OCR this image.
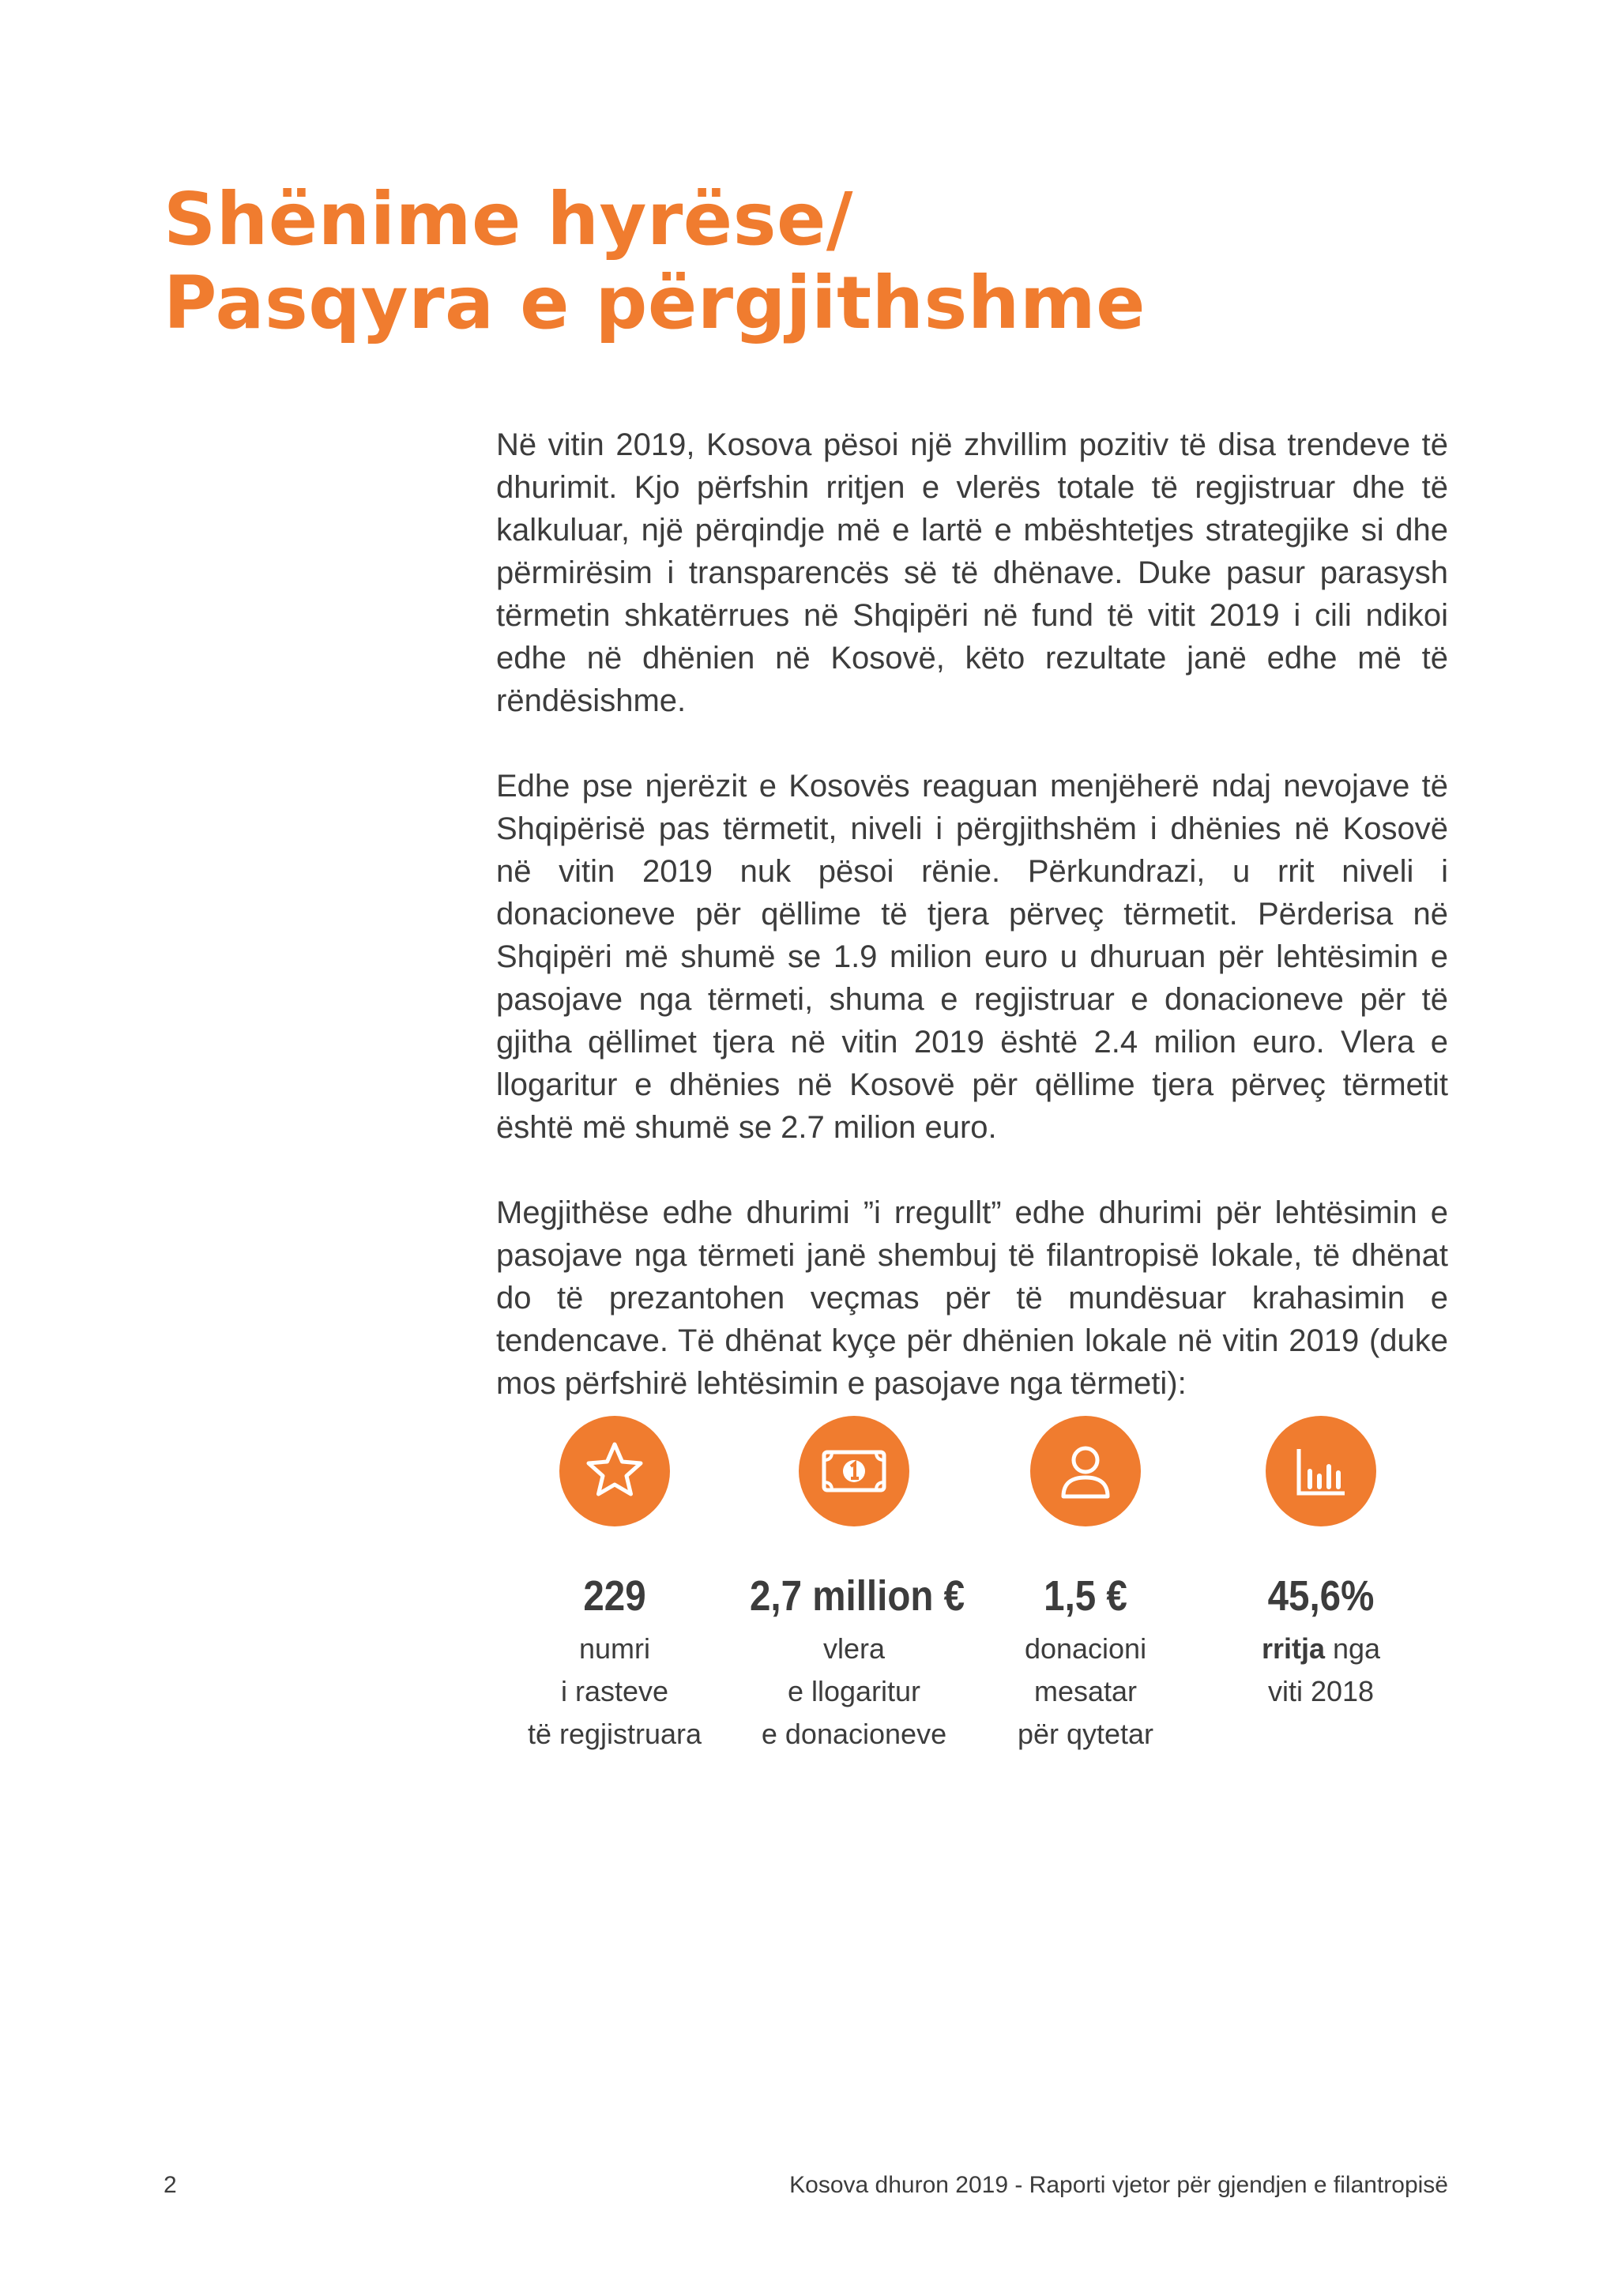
Shënime hyrëse/
Pasqyra e përgjithshme

Në vitin 2019, Kosova pësoi një zhvillim pozitiv të disa trendeve të dhurimit. Kjo përfshin rritjen e vlerës totale të regjistruar dhe të kalkuluar, një përqindje më e lartë e mbështetjes strategjike si dhe përmirësim i transparencës së të dhënave. Duke pasur parasysh tërmetin shkatërrues në Shqipëri në fund të vitit 2019 i cili ndikoi edhe në dhënien në Kosovë, këto rezultate janë edhe më të rëndësishme.

Edhe pse njerëzit e Kosovës reaguan menjëherë ndaj nevojave të Shqipërisë pas tërmetit, niveli i përgjithshëm i dhënies në Kosovë në vitin 2019 nuk pësoi rënie. Përkundrazi, u rrit niveli i donacioneve për qëllime të tjera përveç tërmetit. Përderisa në Shqipëri më shumë se 1.9 milion euro u dhuruan për lehtësimin e pasojave nga tërmeti, shuma e regjistruar e donacioneve për të gjitha qëllimet tjera në vitin 2019 është 2.4 milion euro. Vlera e llogaritur e dhënies në Kosovë për qëllime tjera përveç tërmetit është më shumë se 2.7 milion euro.

Megjithëse edhe dhurimi ”i rregullt” edhe dhurimi për lehtësimin e pasojave nga tërmeti janë shembuj të filantropisë lokale, të dhënat do të prezantohen veçmas për të mundësuar krahasimin e tendencave. Të dhënat kyçe për dhënien lokale në vitin 2019 (duke mos përfshirë lehtësimin e pasojave nga tërmeti):

229
numri
i rasteve
të regjistruara
2,7 million €
vlera
e llogaritur
e donacioneve
1,5 €
donacioni
mesatar
për qytetar
45,6%
rritja nga
viti 2018
2	Kosova dhuron 2019 - Raporti vjetor për gjendjen e filantropisë
